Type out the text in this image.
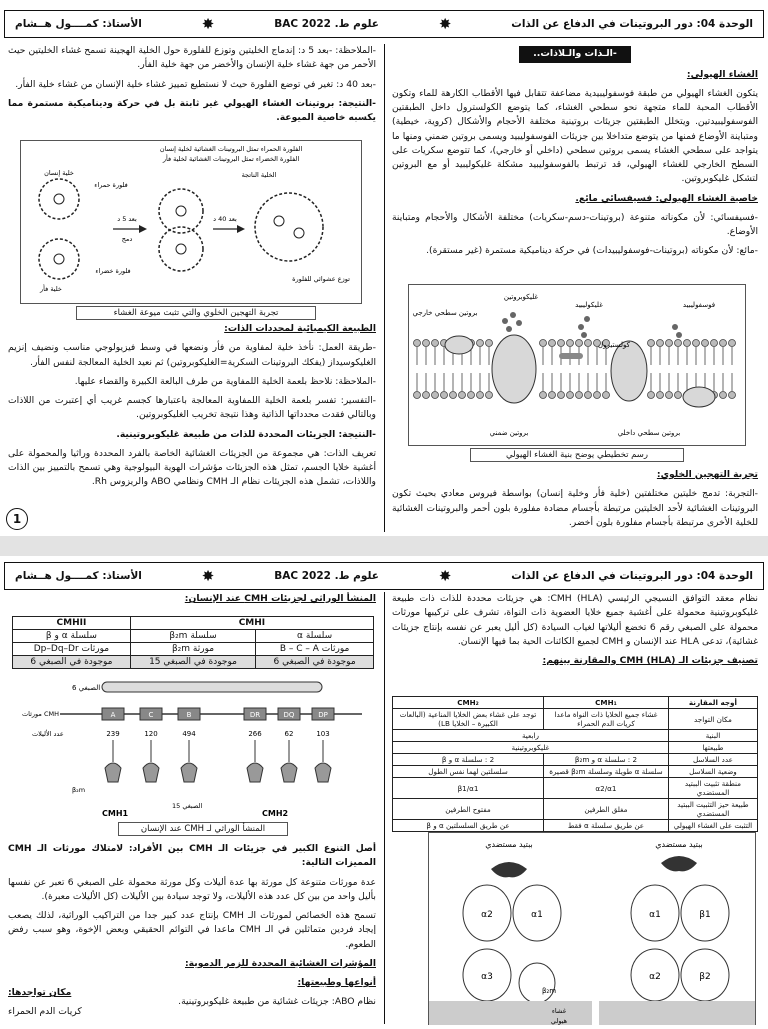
الوحدة 04: دور البروتينات في الدفاع عن الذات
✸
علوم ط. BAC 2022
✸
الأستاذ: كمــــول هــشام

-الـذات والـلاذات..

الغشاء الهيولي:

يتكون الغشاء الهيولي من طبقة فوسفوليبيدية مضاعفة تتقابل فيها الأقطاب الكارهة للماء وتكون الأقطاب المحبة للماء متجهة نحو سطحي الغشاء، كما يتوضع الكولسترول داخل الطبقتين الفوسفوليبيدتين. ويتخلل الطبقتين جزيئات بروتينية مختلفة الأحجام والأشكال (كروية، خيطية) ومتباينة الأوضاع فمنها من يتوضع متداخلا بين جزيئات الفوسفوليبيد ويسمى بروتين ضمني ومنها ما يتواجد على سطحي الغشاء يسمى بروتين سطحي (داخلي أو خارجي)، كما تتوضع سكريات على السطح الخارجي للغشاء الهيولي، قد ترتبط بالفوسفوليبيد مشكلة غليكوليبيد أو مع البروتين لتشكل غليكوبروتين.

خاصية الغشاء الهيولي: فسيفسائي مائع.

-فسيفسائي: لأن مكوناته متنوعة (بروتينات-دسم-سكريات) مختلفة الأشكال والأحجام ومتباينة الأوضاع.

-مائع: لأن مكوناته (بروتينات-فوسفوليبيدات) في حركة ديناميكية مستمرة (غير مستقرة).

غليكوبروتين
غليكوليبيد	فوسفوليبيد
بروتين سطحي خارجي
كولستيرول
بروتين ضمني	بروتين سطحي داخلي
رسم تخطيطي يوضح بنية الغشاء الهيولي

تجربة التهجين الخلوي:

-التجربة: تدمج خليتين مختلفتين (خلية فأر وخلية إنسان) بواسطة فيروس معادي بحيث تكون البروتينات الغشائية لأحد الخليتين مرتبطة بأجسام مضادة مفلورة بلون أحمر والبروتينات الغشائية للخلية الأخرى مرتبطة بأجسام مفلورة بلون أخضر.

-الملاحظة: -بعد 5 د: إندماج الخليتين وتوزع للفلورة حول الخلية الهجينة تسمح غشاء الخليتين حيث الأحمر من جهة غشاء خلية الإنسان والأخضر من جهة خلية الفأر.

-بعد 40 د: تغير في توضع الفلورة حيث لا نستطيع تمييز غشاء خلية الإنسان من غشاء خلية الفأر.

-النتيجة: بروتينات الغشاء الهيولي غير ثابتة بل في حركة وديناميكية مستمرة مما يكسبه خاصية الميوعة.

الفلورة الحمراء تمثل البروتينات الغشائية لخلية إنسان
الفلورة الخضراء تمثل البروتينات الغشائية لخلية فأر
خلية إنسان
فلورة حمراء
فلورة خضراء
خلية فأر
بعد 5 د
دمج
الخلية الناتجة
بعد 40 د
توزع عشوائي للفلورة
تجربة التهجين الخلوي والتي تثبت ميوعة الغشاء

الطبيعة الكيميائية لمحددات الذات:

-طريقة العمل: نأخذ خلية لمفاوية من فأر ونضعها في وسط فيزيولوجي مناسب ونضيف إنزيم الغليكوسيداز (يفكك البروتينات السكرية=الغليكوبروتين) ثم نعيد الخلية المعالجة لنفس الفأر.

-الملاحظة: نلاحظ بلعمة الخلية اللمفاوية من طرف البالعة الكبيرة والقضاء عليها.

-التفسير: تفسر بلعمة الخلية اللمفاوية المعالجة باعتبارها كجسم غريب أي إعتبرت من اللاذات وبالتالي فقدت محدداتها الذاتية وهذا نتيجة تخريب الغليكوبروتين.

-النتيجة: الجزيئات المحددة للذات من طبيعة غليكوبروتينية.

تعريف الذات: هي مجموعة من الجزيئات الغشائية الخاصة بالفرد المحددة وراثيا والمحمولة على أغشية خلايا الجسم، تمثل هذه الجزيئات مؤشرات الهوية البيولوجية وهي تسمح بالتمييز بين الذات واللاذات، تشمل هذه الجزيئات نظام الـ CMH ونظامي ABO والريزوس Rh.

1
الوحدة 04: دور البروتينات في الدفاع عن الذات
✸
علوم ط. BAC 2022
✸
الأستاذ: كمــــول هــشام

نظام معقد التوافق النسيجي الرئيسي CMH (HLA): هي جزيئات محددة للذات ذات طبيعة غليكوبروتينية محمولة على أغشية جميع خلايا العضوية ذات النواة، تشرف على تركيبها مورثات محمولة على الصبغي رقم 6 تخضع أليلاتها لغياب السيادة (كل أليل يعبر عن نفسه بإنتاج جزيئات غشائية)، تدعى HLA عند الإنسان و CMH لجميع الكائنات الحية بما فيها الإنسان.

تصنيف جزيئات الـ CMH (HLA) والمقارنة بينهم:

أوجه المقارنة	CMH₁	CMH₂
مكان التواجد	غشاء جميع الخلايا ذات النواة ماعدا كريات الدم الحمراء	توجد على غشاء بعض الخلايا المناعية (البالعات الكبيرة – الخلايا LB)
البنية	رابعية	
طبيعتها	غليكوبروتينية	
عدد السلاسل	2 : سلسلة α و β₂m	2 : سلسلة α و β
وضعية السلاسل	سلسلة α طويلة وسلسلة β₂m قصيرة	سلسلتين لهما نفس الطول
منطقة تثبيت الببتيد المستضدي	α2/α1	β1/α1
طبيعة حيز التثبيت الببتيد المستضدي	مغلق الطرفين	مفتوح الطرفين
التثبت على الغشاء الهيولي	عن طريق سلسلة α فقط	عن طريق السلسلتين α و β
ببتيد مستضدي	ببتيد مستضدي
α2	α1
α3
β₂m
α1	β1
α2	β2
غشاء
هيولي

المنشأ الوراثي لجزيئات CMH عند الإنسان:

CMHI		CMHII
سلسلة α	سلسلة β₂m	سلسلة α و β
مورثات B – C – A	مورثة β₂m	مورثات Dp–Dq–Dr
موجودة في الصبغي 6	موجودة في الصبغي 15	موجودة في الصبغي 6
الصبغي 6
عدد الأليلات
مورثات CMH	A
239
C
120
B
494
DR
266
DQ
62
DP
103
β₂m
CMH1	CMH2
الصبغي 15
المنشأ الوراثي لـ CMH عند الإنسان

أصل التنوع الكبير في جزيئات الـ CMH بين الأفراد: لامتلاك مورثات الـ CMH المميزات التالية:

عدة مورثات متنوعة كل مورثة بها عدة أليلات وكل مورثة محمولة على الصبغي 6 تعبر عن نفسها بأليل واحد من بين كل عدد هذه الأليلات، ولا توجد سيادة بين الأليلات (كل الأليلات معبرة).

تسمح هذه الخصائص لمورثات الـ CMH بإنتاج عدد كبير جدا من التراكيب الوراثية، لذلك يصعب إيجاد فردين متماثلين في الـ CMH ماعدا في التوائم الحقيقي وبعض الإخوة، وهو سبب رفض الطعوم.

المؤشرات الغشائية المحددة للزمر الدموية:

أنواعها وطبيعتها:

نظام ABO: جزيئات غشائية من طبيعة غليكوبروتينية.

مكان تواجدها:

كريات الدم الحمراء
